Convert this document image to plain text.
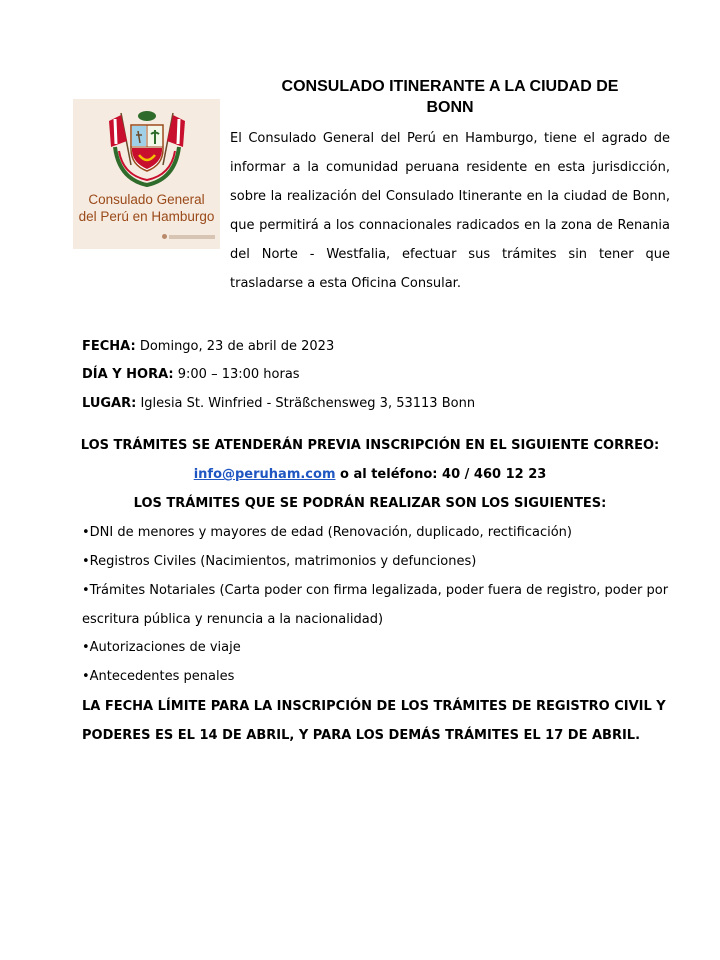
CONSULADO ITINERANTE A LA CIUDAD DE
BONN
Consulado General
del Perú en Hamburgo
El Consulado General del Perú en Hamburgo, tiene el agrado de informar a la comunidad peruana residente en esta jurisdicción, sobre la realización del Consulado Itinerante en la ciudad de Bonn, que permitirá a los connacionales radicados en la zona de Renania del Norte - Westfalia, efectuar sus trámites sin tener que trasladarse a esta Oficina Consular.
FECHA: Domingo, 23 de abril de 2023
DÍA Y HORA: 9:00 – 13:00 horas
LUGAR: Iglesia St. Winfried - Sträßchensweg 3, 53113 Bonn
LOS TRÁMITES SE ATENDERÁN PREVIA INSCRIPCIÓN EN EL SIGUIENTE CORREO:
info@peruham.com o al teléfono: 40 / 460 12 23
LOS TRÁMITES QUE SE PODRÁN REALIZAR SON LOS SIGUIENTES:
•DNI de menores y mayores de edad (Renovación, duplicado, rectificación)
•Registros Civiles (Nacimientos, matrimonios y defunciones)
•Trámites Notariales (Carta poder con firma legalizada, poder fuera de registro, poder por escritura pública y renuncia a la nacionalidad)
•Autorizaciones de viaje
•Antecedentes penales
LA FECHA LÍMITE PARA LA INSCRIPCIÓN DE LOS TRÁMITES DE REGISTRO CIVIL Y PODERES ES EL 14 DE ABRIL, Y PARA LOS DEMÁS TRÁMITES EL 17 DE ABRIL.
